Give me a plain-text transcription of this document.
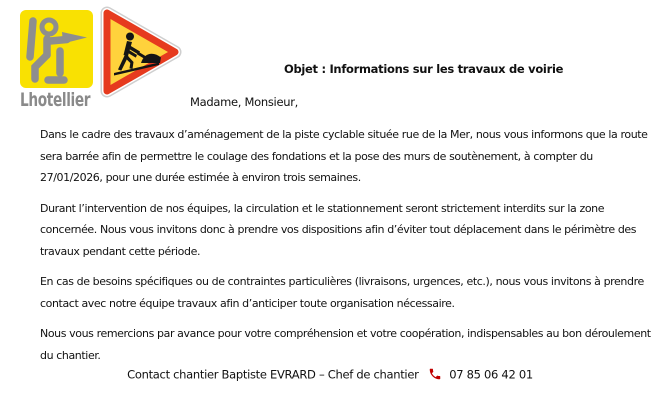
Lhotellier
Objet : Informations sur les travaux de voirie
Madame, Monsieur,

Dans le cadre des travaux d’aménagement de la piste cyclable située rue de la Mer, nous vous informons que la route sera barrée afin de permettre le coulage des fondations et la pose des murs de soutènement, à compter du 27/01/2026, pour une durée estimée à environ trois semaines.

Durant l’intervention de nos équipes, la circulation et le stationnement seront strictement interdits sur la zone concernée. Nous vous invitons donc à prendre vos dispositions afin d’éviter tout déplacement dans le périmètre des travaux pendant cette période.

En cas de besoins spécifiques ou de contraintes particulières (livraisons, urgences, etc.), nous vous invitons à prendre contact avec notre équipe travaux afin d’anticiper toute organisation nécessaire.

Nous vous remercions par avance pour votre compréhension et votre coopération, indispensables au bon déroulement du chantier.

Contact chantier Baptiste EVRARD – Chef de chantier	07 85 06 42 01
